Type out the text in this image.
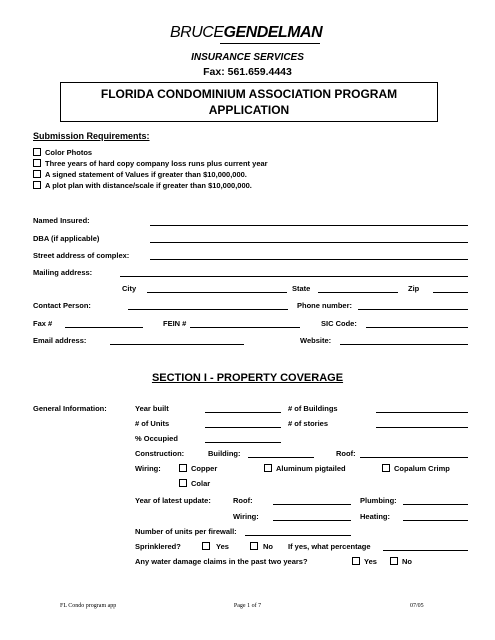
BRUCEGENDELMAN
INSURANCE SERVICES
Fax: 561.659.4443
FLORIDA CONDOMINIUM ASSOCIATION PROGRAM
APPLICATION
Submission Requirements:
Color Photos
Three years of hard copy company loss runs plus current year
A signed statement of Values if greater than $10,000,000.
A plot plan with distance/scale if greater than $10,000,000.
Named Insured:
DBA (if applicable)
Street address of complex:
Mailing address:
City	State	Zip
Contact Person:	Phone number:
Fax #	FEIN #	SIC Code:
Email address:	Website:
SECTION I - PROPERTY COVERAGE
General Information:	Year built	# of Buildings
# of Units	# of stories
% Occupied
Construction:	Building:	Roof:
Wiring:	Copper	Aluminum pigtailed	Copalum Crimp
Colar
Year of latest update:	Roof:	Plumbing:
Wiring:	Heating:
Number of units per firewall:
Sprinklered?	Yes	No If yes, what percentage
Any water damage claims in the past two years?	Yes	No
FL Condo program app	Page 1 of 7	07/05
